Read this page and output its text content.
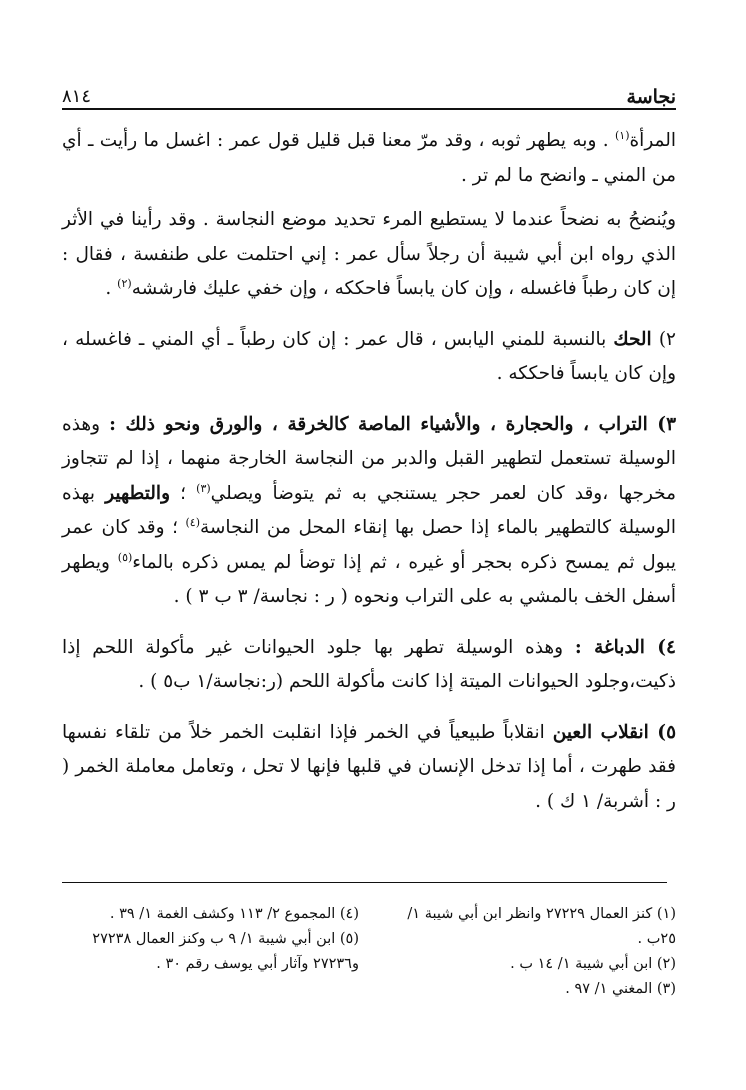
نجاسة
٨١٤

المرأة$^{(١)}$ . وبه يطهر ثوبه ، وقد مرّ معنا قبل قليل قول عمر : اغسل ما رأيت ـ أي من المني ـ وانضح ما لم تر .

ويُنضحُ به نضحاً عندما لا يستطيع المرء تحديد موضع النجاسة . وقد رأينا في الأثر الذي رواه ابن أبي شيبة أن رجلاً سأل عمر : إني احتلمت على طنفسة ، فقال : إن كان رطباً فاغسله ، وإن كان يابساً فاحككه ، وإن خفي عليك فارششه$^{(٢)}$ .

٢) الحك بالنسبة للمني اليابس ، قال عمر : إن كان رطباً ـ أي المني ـ فاغسله ، وإن كان يابساً فاحككه .

٣) التراب ، والحجارة ، والأشياء الماصة كالخرقة ، والورق ونحو ذلك : وهذه الوسيلة تستعمل لتطهير القبل والدبر من النجاسة الخارجة منهما ، إذا لم تتجاوز مخرجها ،وقد كان لعمر حجر يستنجي به ثم يتوضأ ويصلي$^{(٣)}$ ؛ والتطهير بهذه الوسيلة كالتطهير بالماء إذا حصل بها إنقاء المحل من النجاسة$^{(٤)}$ ؛ وقد كان عمر يبول ثم يمسح ذكره بحجر أو غيره ، ثم إذا توضأ لم يمس ذكره بالماء$^{(٥)}$ ويطهر أسفل الخف بالمشي به على التراب ونحوه ( ر : نجاسة/ ٣ ب ٣ ) .

٤) الدباغة : وهذه الوسيلة تطهر بها جلود الحيوانات غير مأكولة اللحم إذا ذكيت،وجلود الحيوانات الميتة إذا كانت مأكولة اللحم (ر:نجاسة/١ ب٥ ) .

٥) انقلاب العين انقلاباً طبيعياً في الخمر فإذا انقلبت الخمر خلاً من تلقاء نفسها فقد طهرت ، أما إذا تدخل الإنسان في قلبها فإنها لا تحل ، وتعامل معاملة الخمر ( ر : أشربة/ ١ ك ) .

(١) كنز العمال ٢٧٢٢٩ وانظر ابن أبي شيبة ١/ ٢٥ب .
(٢) ابن أبي شيبة ١/ ١٤ ب .
(٣) المغني ١/ ٩٧ .
(٤) المجموع ٢/ ١١٣ وكشف الغمة ١/ ٣٩ .
(٥) ابن أبي شيبة ١/ ٩ ب وكنز العمال ٢٧٢٣٨ و٢٧٢٣٦ وآثار أبي يوسف رقم ٣٠ .
